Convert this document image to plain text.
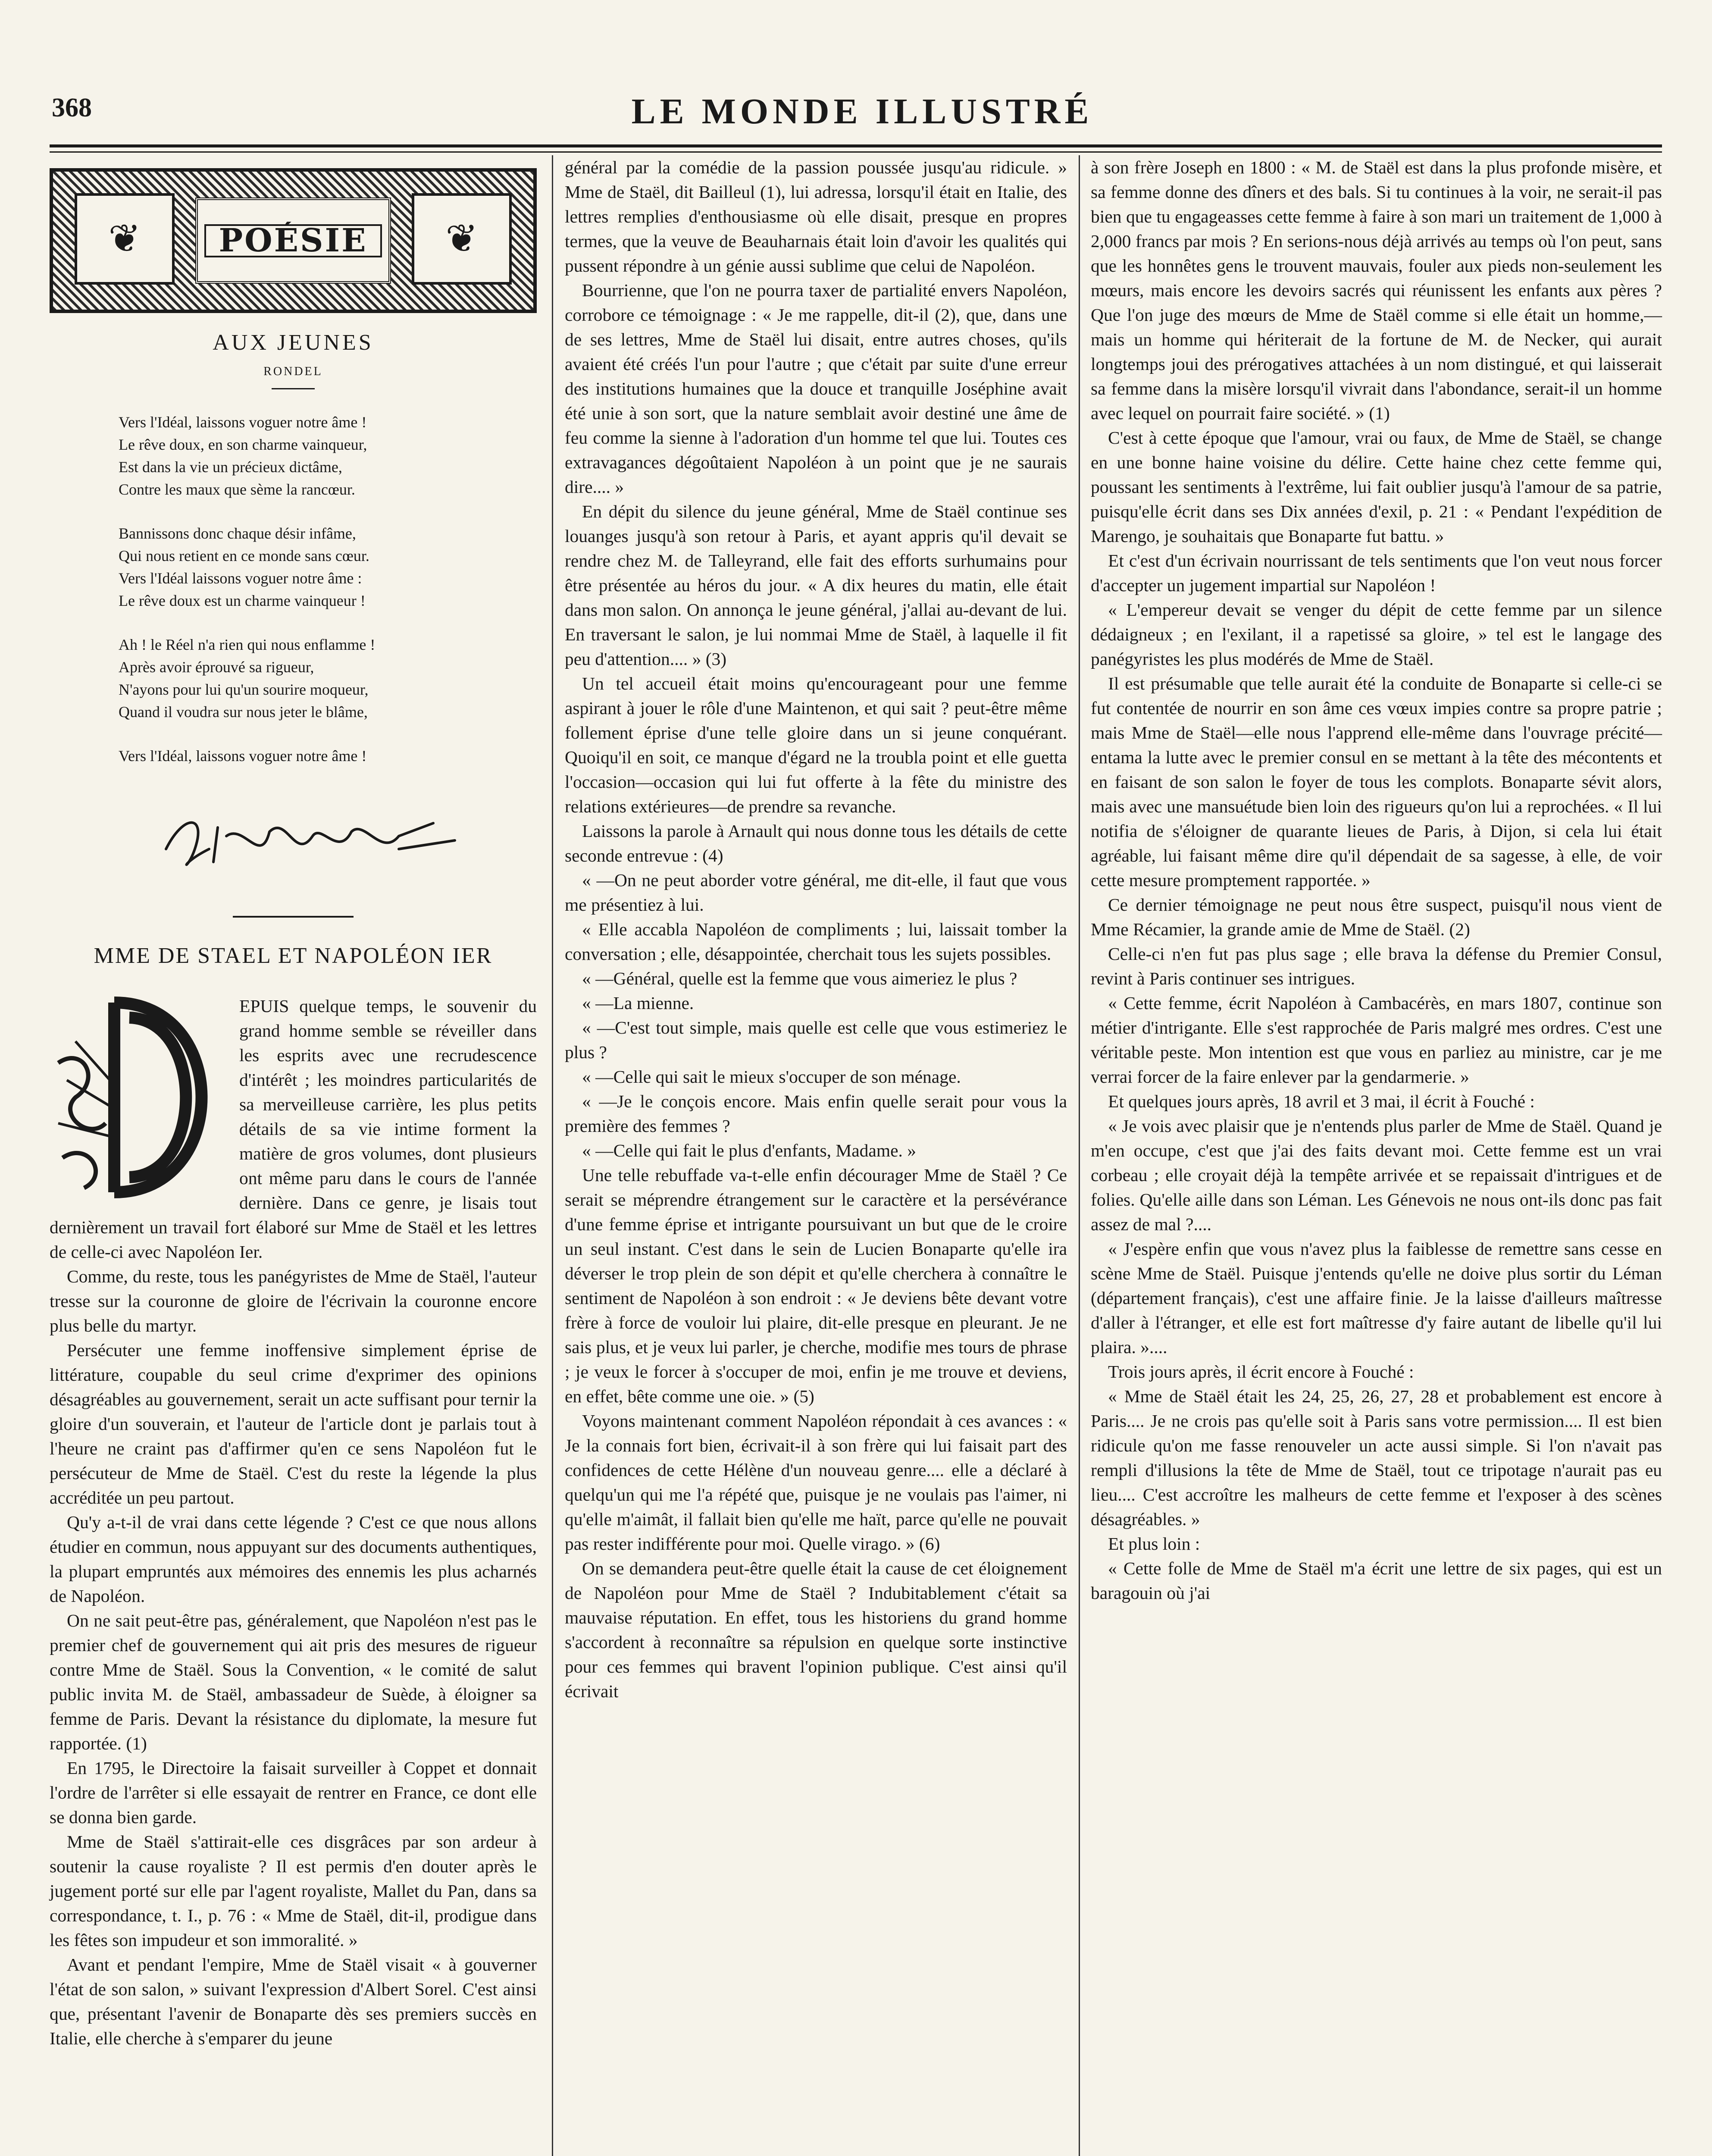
368	LE MONDE ILLUSTRÉ
❦	POÉSIE	❦
AUX JEUNES
RONDEL
Vers l'Idéal, laissons voguer notre âme !
Le rêve doux, en son charme vainqueur,
Est dans la vie un précieux dictâme,
Contre les maux que sème la rancœur.
Bannissons donc chaque désir infâme,
Qui nous retient en ce monde sans cœur.
Vers l'Idéal laissons voguer notre âme :
Le rêve doux est un charme vainqueur !
Ah ! le Réel n'a rien qui nous enflamme !
Après avoir éprouvé sa rigueur,
N'ayons pour lui qu'un sourire moqueur,
Quand il voudra sur nous jeter le blâme,
Vers l'Idéal, laissons voguer notre âme !
MME DE STAEL ET NAPOLÉON IER

EPUIS quelque temps, le souvenir du grand homme semble se réveiller dans les esprits avec une recrudescence d'intérêt ; les moindres particularités de sa merveilleuse carrière, les plus petits détails de sa vie intime forment la matière de gros volumes, dont plusieurs ont même paru dans le cours de l'année dernière. Dans ce genre, je lisais tout dernièrement un travail fort élaboré sur Mme de Staël et les lettres de celle-ci avec Napoléon Ier.

Comme, du reste, tous les panégyristes de Mme de Staël, l'auteur tresse sur la couronne de gloire de l'écrivain la couronne encore plus belle du martyr.

Persécuter une femme inoffensive simplement éprise de littérature, coupable du seul crime d'exprimer des opinions désagréables au gouvernement, serait un acte suffisant pour ternir la gloire d'un souverain, et l'auteur de l'article dont je parlais tout à l'heure ne craint pas d'affirmer qu'en ce sens Napoléon fut le persécuteur de Mme de Staël. C'est du reste la légende la plus accréditée un peu partout.

Qu'y a-t-il de vrai dans cette légende ? C'est ce que nous allons étudier en commun, nous appuyant sur des documents authentiques, la plupart empruntés aux mémoires des ennemis les plus acharnés de Napoléon.

On ne sait peut-être pas, généralement, que Napoléon n'est pas le premier chef de gouvernement qui ait pris des mesures de rigueur contre Mme de Staël. Sous la Convention, « le comité de salut public invita M. de Staël, ambassadeur de Suède, à éloigner sa femme de Paris. Devant la résistance du diplomate, la mesure fut rapportée. (1)

En 1795, le Directoire la faisait surveiller à Coppet et donnait l'ordre de l'arrêter si elle essayait de rentrer en France, ce dont elle se donna bien garde.

Mme de Staël s'attirait-elle ces disgrâces par son ardeur à soutenir la cause royaliste ? Il est permis d'en douter après le jugement porté sur elle par l'agent royaliste, Mallet du Pan, dans sa correspondance, t. I., p. 76 : « Mme de Staël, dit-il, prodigue dans les fêtes son impudeur et son immoralité. »

Avant et pendant l'empire, Mme de Staël visait « à gouverner l'état de son salon, » suivant l'expression d'Albert Sorel. C'est ainsi que, présentant l'avenir de Bonaparte dès ses premiers succès en Italie, elle cherche à s'emparer du jeune

général par la comédie de la passion poussée jusqu'au ridicule. » Mme de Staël, dit Bailleul (1), lui adressa, lorsqu'il était en Italie, des lettres remplies d'enthousiasme où elle disait, presque en propres termes, que la veuve de Beauharnais était loin d'avoir les qualités qui pussent répondre à un génie aussi sublime que celui de Napoléon.

Bourrienne, que l'on ne pourra taxer de partialité envers Napoléon, corrobore ce témoignage : « Je me rappelle, dit-il (2), que, dans une de ses lettres, Mme de Staël lui disait, entre autres choses, qu'ils avaient été créés l'un pour l'autre ; que c'était par suite d'une erreur des institutions humaines que la douce et tranquille Joséphine avait été unie à son sort, que la nature semblait avoir destiné une âme de feu comme la sienne à l'adoration d'un homme tel que lui. Toutes ces extravagances dégoûtaient Napoléon à un point que je ne saurais dire.... »

En dépit du silence du jeune général, Mme de Staël continue ses louanges jusqu'à son retour à Paris, et ayant appris qu'il devait se rendre chez M. de Talleyrand, elle fait des efforts surhumains pour être présentée au héros du jour. « A dix heures du matin, elle était dans mon salon. On annonça le jeune général, j'allai au-devant de lui. En traversant le salon, je lui nommai Mme de Staël, à laquelle il fit peu d'attention.... » (3)

Un tel accueil était moins qu'encourageant pour une femme aspirant à jouer le rôle d'une Maintenon, et qui sait ? peut-être même follement éprise d'une telle gloire dans un si jeune conquérant. Quoiqu'il en soit, ce manque d'égard ne la troubla point et elle guetta l'occasion—occasion qui lui fut offerte à la fête du ministre des relations extérieures—de prendre sa revanche.

Laissons la parole à Arnault qui nous donne tous les détails de cette seconde entrevue : (4)

« —On ne peut aborder votre général, me dit-elle, il faut que vous me présentiez à lui.

« Elle accabla Napoléon de compliments ; lui, laissait tomber la conversation ; elle, désappointée, cherchait tous les sujets possibles.

« —Général, quelle est la femme que vous aimeriez le plus ?

« —La mienne.

« —C'est tout simple, mais quelle est celle que vous estimeriez le plus ?

« —Celle qui sait le mieux s'occuper de son ménage.

« —Je le conçois encore. Mais enfin quelle serait pour vous la première des femmes ?

« —Celle qui fait le plus d'enfants, Madame. »

Une telle rebuffade va-t-elle enfin décourager Mme de Staël ? Ce serait se méprendre étrangement sur le caractère et la persévérance d'une femme éprise et intrigante poursuivant un but que de le croire un seul instant. C'est dans le sein de Lucien Bonaparte qu'elle ira déverser le trop plein de son dépit et qu'elle cherchera à connaître le sentiment de Napoléon à son endroit : « Je deviens bête devant votre frère à force de vouloir lui plaire, dit-elle presque en pleurant. Je ne sais plus, et je veux lui parler, je cherche, modifie mes tours de phrase ; je veux le forcer à s'occuper de moi, enfin je me trouve et deviens, en effet, bête comme une oie. » (5)

Voyons maintenant comment Napoléon répondait à ces avances : « Je la connais fort bien, écrivait-il à son frère qui lui faisait part des confidences de cette Hélène d'un nouveau genre.... elle a déclaré à quelqu'un qui me l'a répété que, puisque je ne voulais pas l'aimer, ni qu'elle m'aimât, il fallait bien qu'elle me haït, parce qu'elle ne pouvait pas rester indifférente pour moi. Quelle virago. » (6)

On se demandera peut-être quelle était la cause de cet éloignement de Napoléon pour Mme de Staël ? Indubitablement c'était sa mauvaise réputation. En effet, tous les historiens du grand homme s'accordent à reconnaître sa répulsion en quelque sorte instinctive pour ces femmes qui bravent l'opinion publique. C'est ainsi qu'il écrivait

à son frère Joseph en 1800 : « M. de Staël est dans la plus profonde misère, et sa femme donne des dîners et des bals. Si tu continues à la voir, ne serait-il pas bien que tu engageasses cette femme à faire à son mari un traitement de 1,000 à 2,000 francs par mois ? En serions-nous déjà arrivés au temps où l'on peut, sans que les honnêtes gens le trouvent mauvais, fouler aux pieds non-seulement les mœurs, mais encore les devoirs sacrés qui réunissent les enfants aux pères ? Que l'on juge des mœurs de Mme de Staël comme si elle était un homme,—mais un homme qui hériterait de la fortune de M. de Necker, qui aurait longtemps joui des prérogatives attachées à un nom distingué, et qui laisserait sa femme dans la misère lorsqu'il vivrait dans l'abondance, serait-il un homme avec lequel on pourrait faire société. » (1)

C'est à cette époque que l'amour, vrai ou faux, de Mme de Staël, se change en une bonne haine voisine du délire. Cette haine chez cette femme qui, poussant les sentiments à l'extrême, lui fait oublier jusqu'à l'amour de sa patrie, puisqu'elle écrit dans ses Dix années d'exil, p. 21 : « Pendant l'expédition de Marengo, je souhaitais que Bonaparte fut battu. »

Et c'est d'un écrivain nourrissant de tels sentiments que l'on veut nous forcer d'accepter un jugement impartial sur Napoléon !

« L'empereur devait se venger du dépit de cette femme par un silence dédaigneux ; en l'exilant, il a rapetissé sa gloire, » tel est le langage des panégyristes les plus modérés de Mme de Staël.

Il est présumable que telle aurait été la conduite de Bonaparte si celle-ci se fut contentée de nourrir en son âme ces vœux impies contre sa propre patrie ; mais Mme de Staël—elle nous l'apprend elle-même dans l'ouvrage précité—entama la lutte avec le premier consul en se mettant à la tête des mécontents et en faisant de son salon le foyer de tous les complots. Bonaparte sévit alors, mais avec une mansuétude bien loin des rigueurs qu'on lui a reprochées. « Il lui notifia de s'éloigner de quarante lieues de Paris, à Dijon, si cela lui était agréable, lui faisant même dire qu'il dépendait de sa sagesse, à elle, de voir cette mesure promptement rapportée. »

Ce dernier témoignage ne peut nous être suspect, puisqu'il nous vient de Mme Récamier, la grande amie de Mme de Staël. (2)

Celle-ci n'en fut pas plus sage ; elle brava la défense du Premier Consul, revint à Paris continuer ses intrigues.

« Cette femme, écrit Napoléon à Cambacérès, en mars 1807, continue son métier d'intrigante. Elle s'est rapprochée de Paris malgré mes ordres. C'est une véritable peste. Mon intention est que vous en parliez au ministre, car je me verrai forcer de la faire enlever par la gendarmerie. »

Et quelques jours après, 18 avril et 3 mai, il écrit à Fouché :

« Je vois avec plaisir que je n'entends plus parler de Mme de Staël. Quand je m'en occupe, c'est que j'ai des faits devant moi. Cette femme est un vrai corbeau ; elle croyait déjà la tempête arrivée et se repaissait d'intrigues et de folies. Qu'elle aille dans son Léman. Les Génevois ne nous ont-ils donc pas fait assez de mal ?....

« J'espère enfin que vous n'avez plus la faiblesse de remettre sans cesse en scène Mme de Staël. Puisque j'entends qu'elle ne doive plus sortir du Léman (département français), c'est une affaire finie. Je la laisse d'ailleurs maîtresse d'aller à l'étranger, et elle est fort maîtresse d'y faire autant de libelle qu'il lui plaira. »....

Trois jours après, il écrit encore à Fouché :

« Mme de Staël était les 24, 25, 26, 27, 28 et probablement est encore à Paris.... Je ne crois pas qu'elle soit à Paris sans votre permission.... Il est bien ridicule qu'on me fasse renouveler un acte aussi simple. Si l'on n'avait pas rempli d'illusions la tête de Mme de Staël, tout ce tripotage n'aurait pas eu lieu.... C'est accroître les malheurs de cette femme et l'exposer à des scènes désagréables. »

Et plus loin :

« Cette folle de Mme de Staël m'a écrit une lettre de six pages, qui est un baragouin où j'ai
